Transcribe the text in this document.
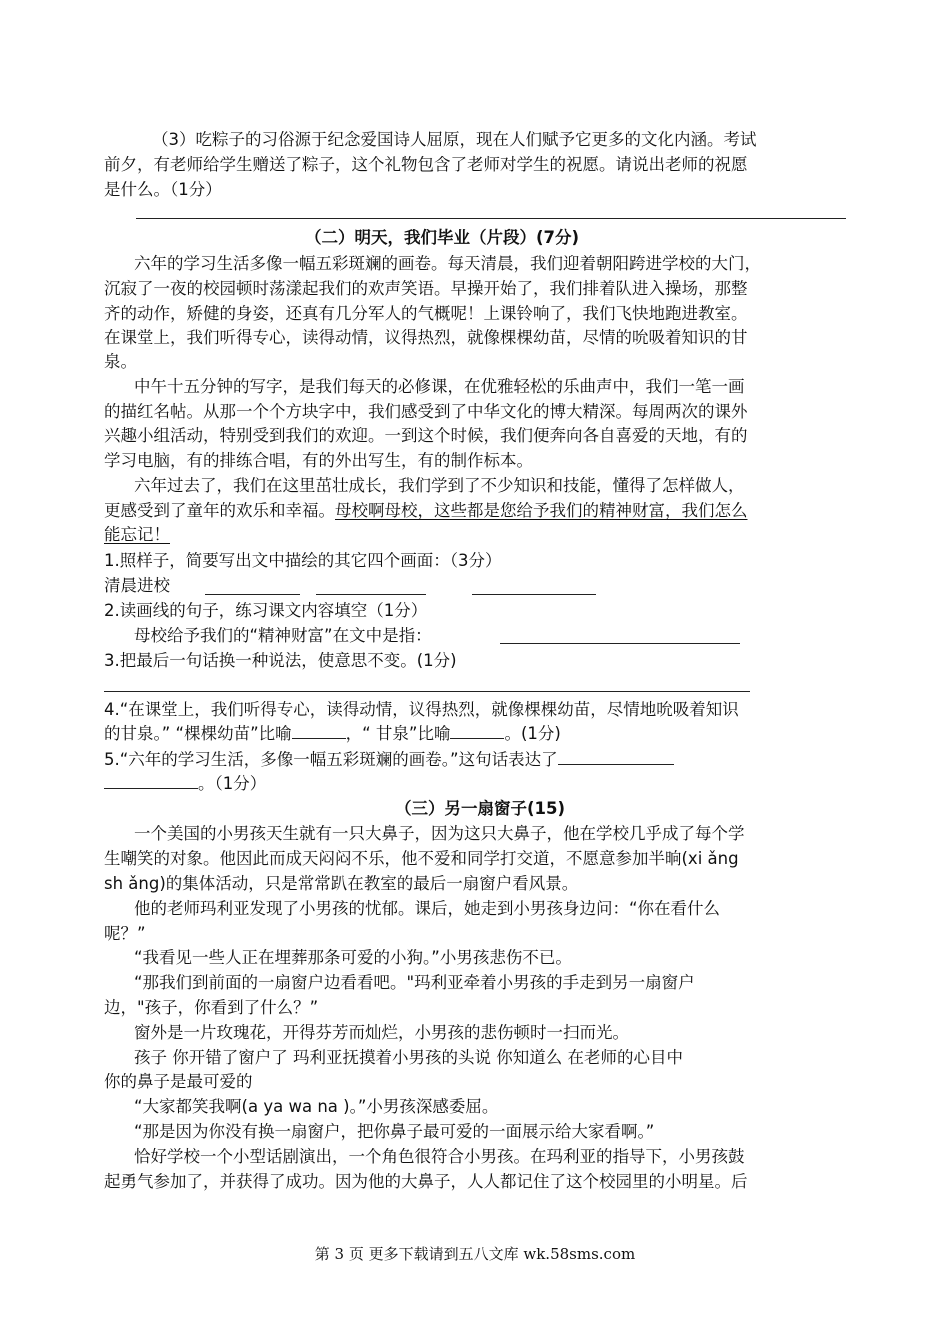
（3）吃粽子的习俗源于纪念爱国诗人屈原，现在人们赋予它更多的文化内涵。考试
前夕，有老师给学生赠送了粽子，这个礼物包含了老师对学生的祝愿。请说出老师的祝愿
是什么。（1分）
（二）明天，我们毕业（片段）(7分)
六年的学习生活多像一幅五彩斑斓的画卷。每天清晨，我们迎着朝阳跨进学校的大门，
沉寂了一夜的校园顿时荡漾起我们的欢声笑语。早操开始了，我们排着队进入操场，那整
齐的动作，矫健的身姿，还真有几分军人的气概呢！上课铃响了，我们飞快地跑进教室。
在课堂上，我们听得专心，读得动情，议得热烈，就像棵棵幼苗，尽情的吮吸着知识的甘
泉。
中午十五分钟的写字，是我们每天的必修课，在优雅轻松的乐曲声中，我们一笔一画
的描红名帖。从那一个个方块字中，我们感受到了中华文化的博大精深。每周两次的课外
兴趣小组活动，特别受到我们的欢迎。一到这个时候，我们便奔向各自喜爱的天地，有的
学习电脑，有的排练合唱，有的外出写生，有的制作标本。
六年过去了，我们在这里茁壮成长，我们学到了不少知识和技能，懂得了怎样做人，
更感受到了童年的欢乐和幸福。母校啊母校，这些都是您给予我们的精神财富，我们怎么
能忘记！
1.照样子，简要写出文中描绘的其它四个画面：（3分）
清晨进校
2.读画线的句子，练习课文内容填空（1分）
母校给予我们的“精神财富”在文中是指：
3.把最后一句话换一种说法，使意思不变。(1分)
4.“在课堂上，我们听得专心，读得动情，议得热烈，就像棵棵幼苗，尽情地吮吸着知识
的甘泉。” “棵棵幼苗”比喻	，“ 甘泉”比喻	。(1分)
5.“六年的学习生活，多像一幅五彩斑斓的画卷。”这句话表达了
。（1分）
（三）另一扇窗子(15)
一个美国的小男孩天生就有一只大鼻子，因为这只大鼻子，他在学校几乎成了每个学
生嘲笑的对象。他因此而成天闷闷不乐，他不爱和同学打交道，不愿意参加半晌(xi ǎng
sh ǎng)的集体活动，只是常常趴在教室的最后一扇窗户看风景。
他的老师玛利亚发现了小男孩的忧郁。课后，她走到小男孩身边问：“你在看什么
呢？”
“我看见一些人正在埋葬那条可爱的小狗。”小男孩悲伤不已。
“那我们到前面的一扇窗户边看看吧。"玛利亚牵着小男孩的手走到另一扇窗户
边，"孩子，你看到了什么？”
窗外是一片玫瑰花，开得芬芳而灿烂，小男孩的悲伤顿时一扫而光。
孩子 你开错了窗户了 玛利亚抚摸着小男孩的头说 你知道么 在老师的心目中
你的鼻子是最可爱的
“大家都笑我啊(a ya wa na )。”小男孩深感委屈。
“那是因为你没有换一扇窗户，把你鼻子最可爱的一面展示给大家看啊。”
恰好学校一个小型话剧演出，一个角色很符合小男孩。在玛利亚的指导下，小男孩鼓
起勇气参加了，并获得了成功。因为他的大鼻子，人人都记住了这个校园里的小明星。后
第 3 页 更多下载请到五八文库 wk.58sms.com
